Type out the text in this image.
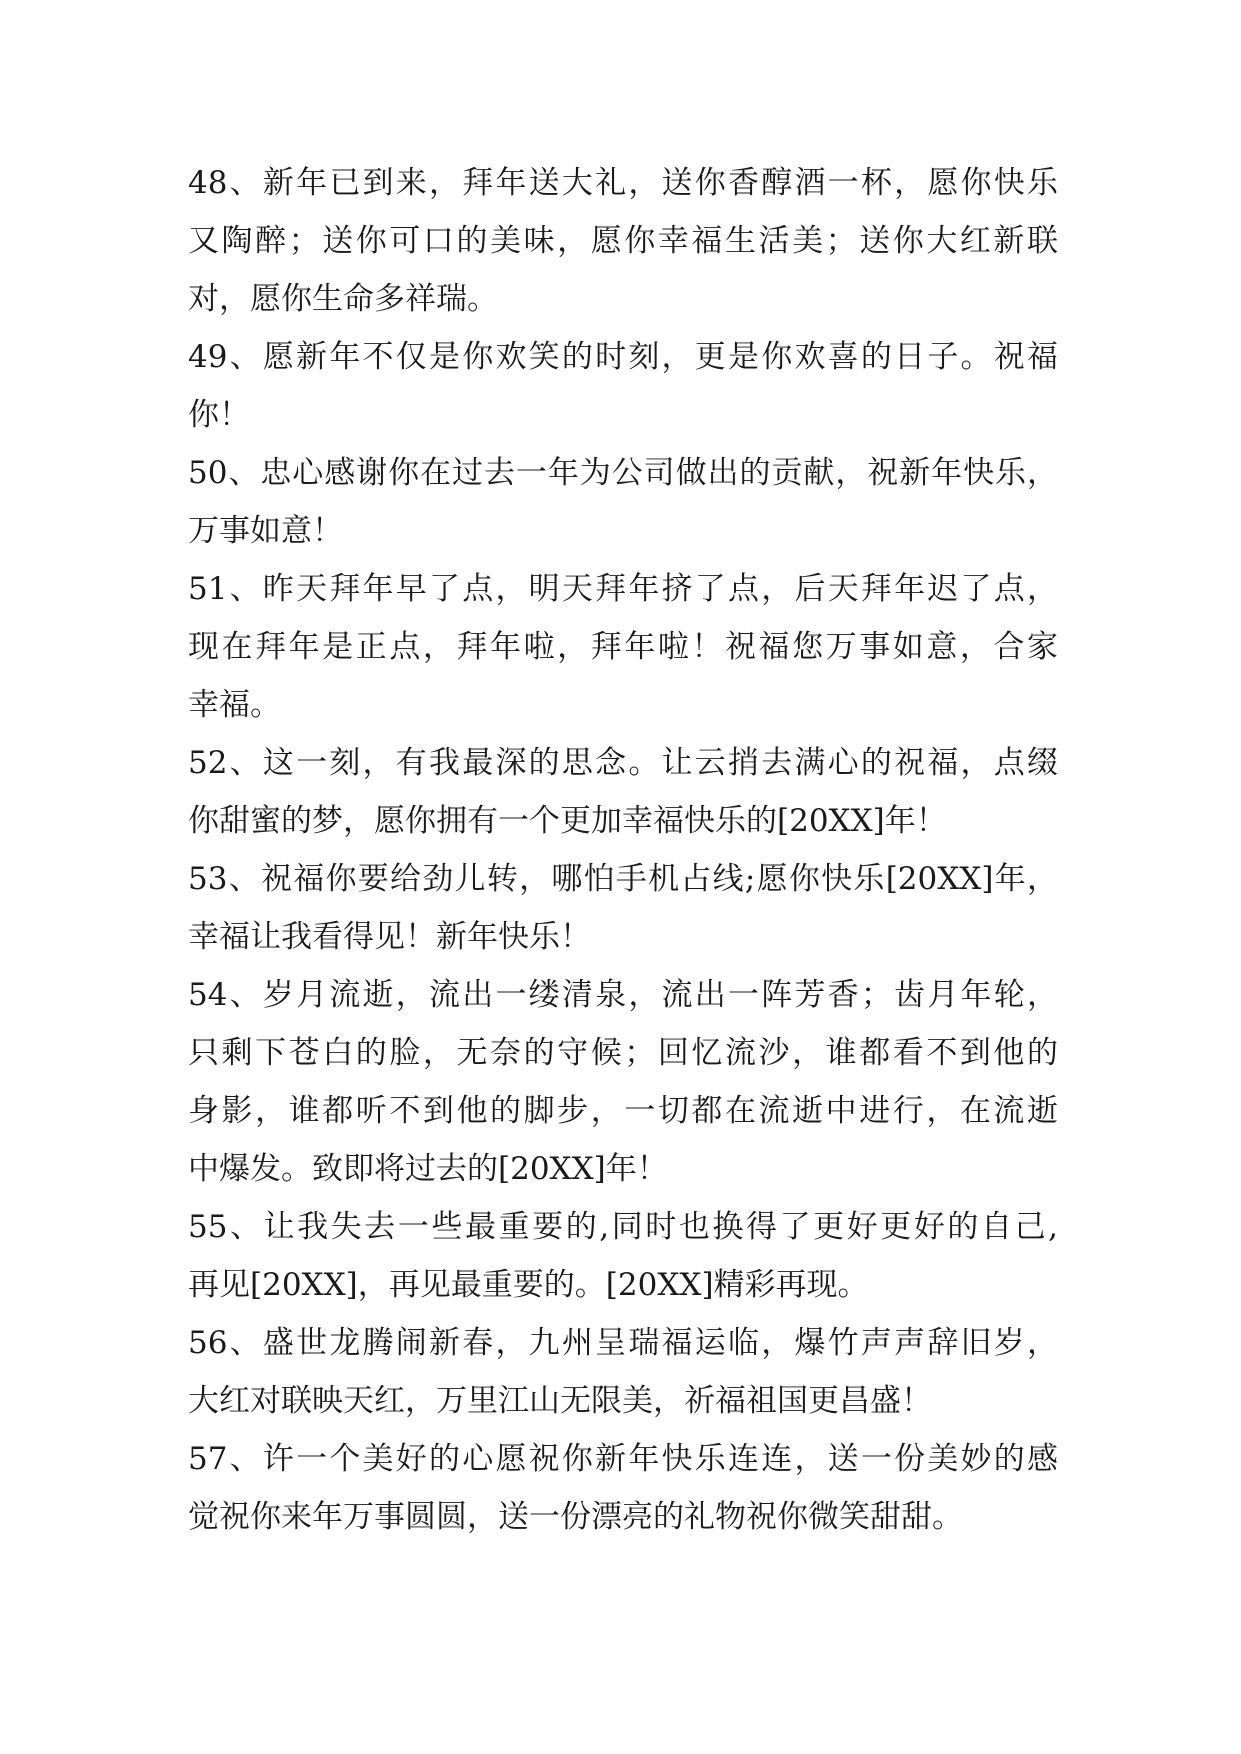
48、新年已到来，拜年送大礼，送你香醇酒一杯，愿你快乐
又陶醉；送你可口的美味，愿你幸福生活美；送你大红新联
对，愿你生命多祥瑞。
49、愿新年不仅是你欢笑的时刻，更是你欢喜的日子。祝福
你！
50、忠心感谢你在过去一年为公司做出的贡献，祝新年快乐，
万事如意！
51、昨天拜年早了点，明天拜年挤了点，后天拜年迟了点，
现在拜年是正点，拜年啦，拜年啦！祝福您万事如意，合家
幸福。
52、这一刻，有我最深的思念。让云捎去满心的祝福，点缀
你甜蜜的梦，愿你拥有一个更加幸福快乐的[20XX]年！
53、祝福你要给劲儿转，哪怕手机占线;愿你快乐[20XX]年，
幸福让我看得见！新年快乐！
54、岁月流逝，流出一缕清泉，流出一阵芳香；齿月年轮，
只剩下苍白的脸，无奈的守候；回忆流沙，谁都看不到他的
身影，谁都听不到他的脚步，一切都在流逝中进行，在流逝
中爆发。致即将过去的[20XX]年！
55、让我失去一些最重要的,同时也换得了更好更好的自己,
再见[20XX]，再见最重要的。[20XX]精彩再现。
56、盛世龙腾闹新春，九州呈瑞福运临，爆竹声声辞旧岁，
大红对联映天红，万里江山无限美，祈福祖国更昌盛！
57、许一个美好的心愿祝你新年快乐连连，送一份美妙的感
觉祝你来年万事圆圆，送一份漂亮的礼物祝你微笑甜甜。
